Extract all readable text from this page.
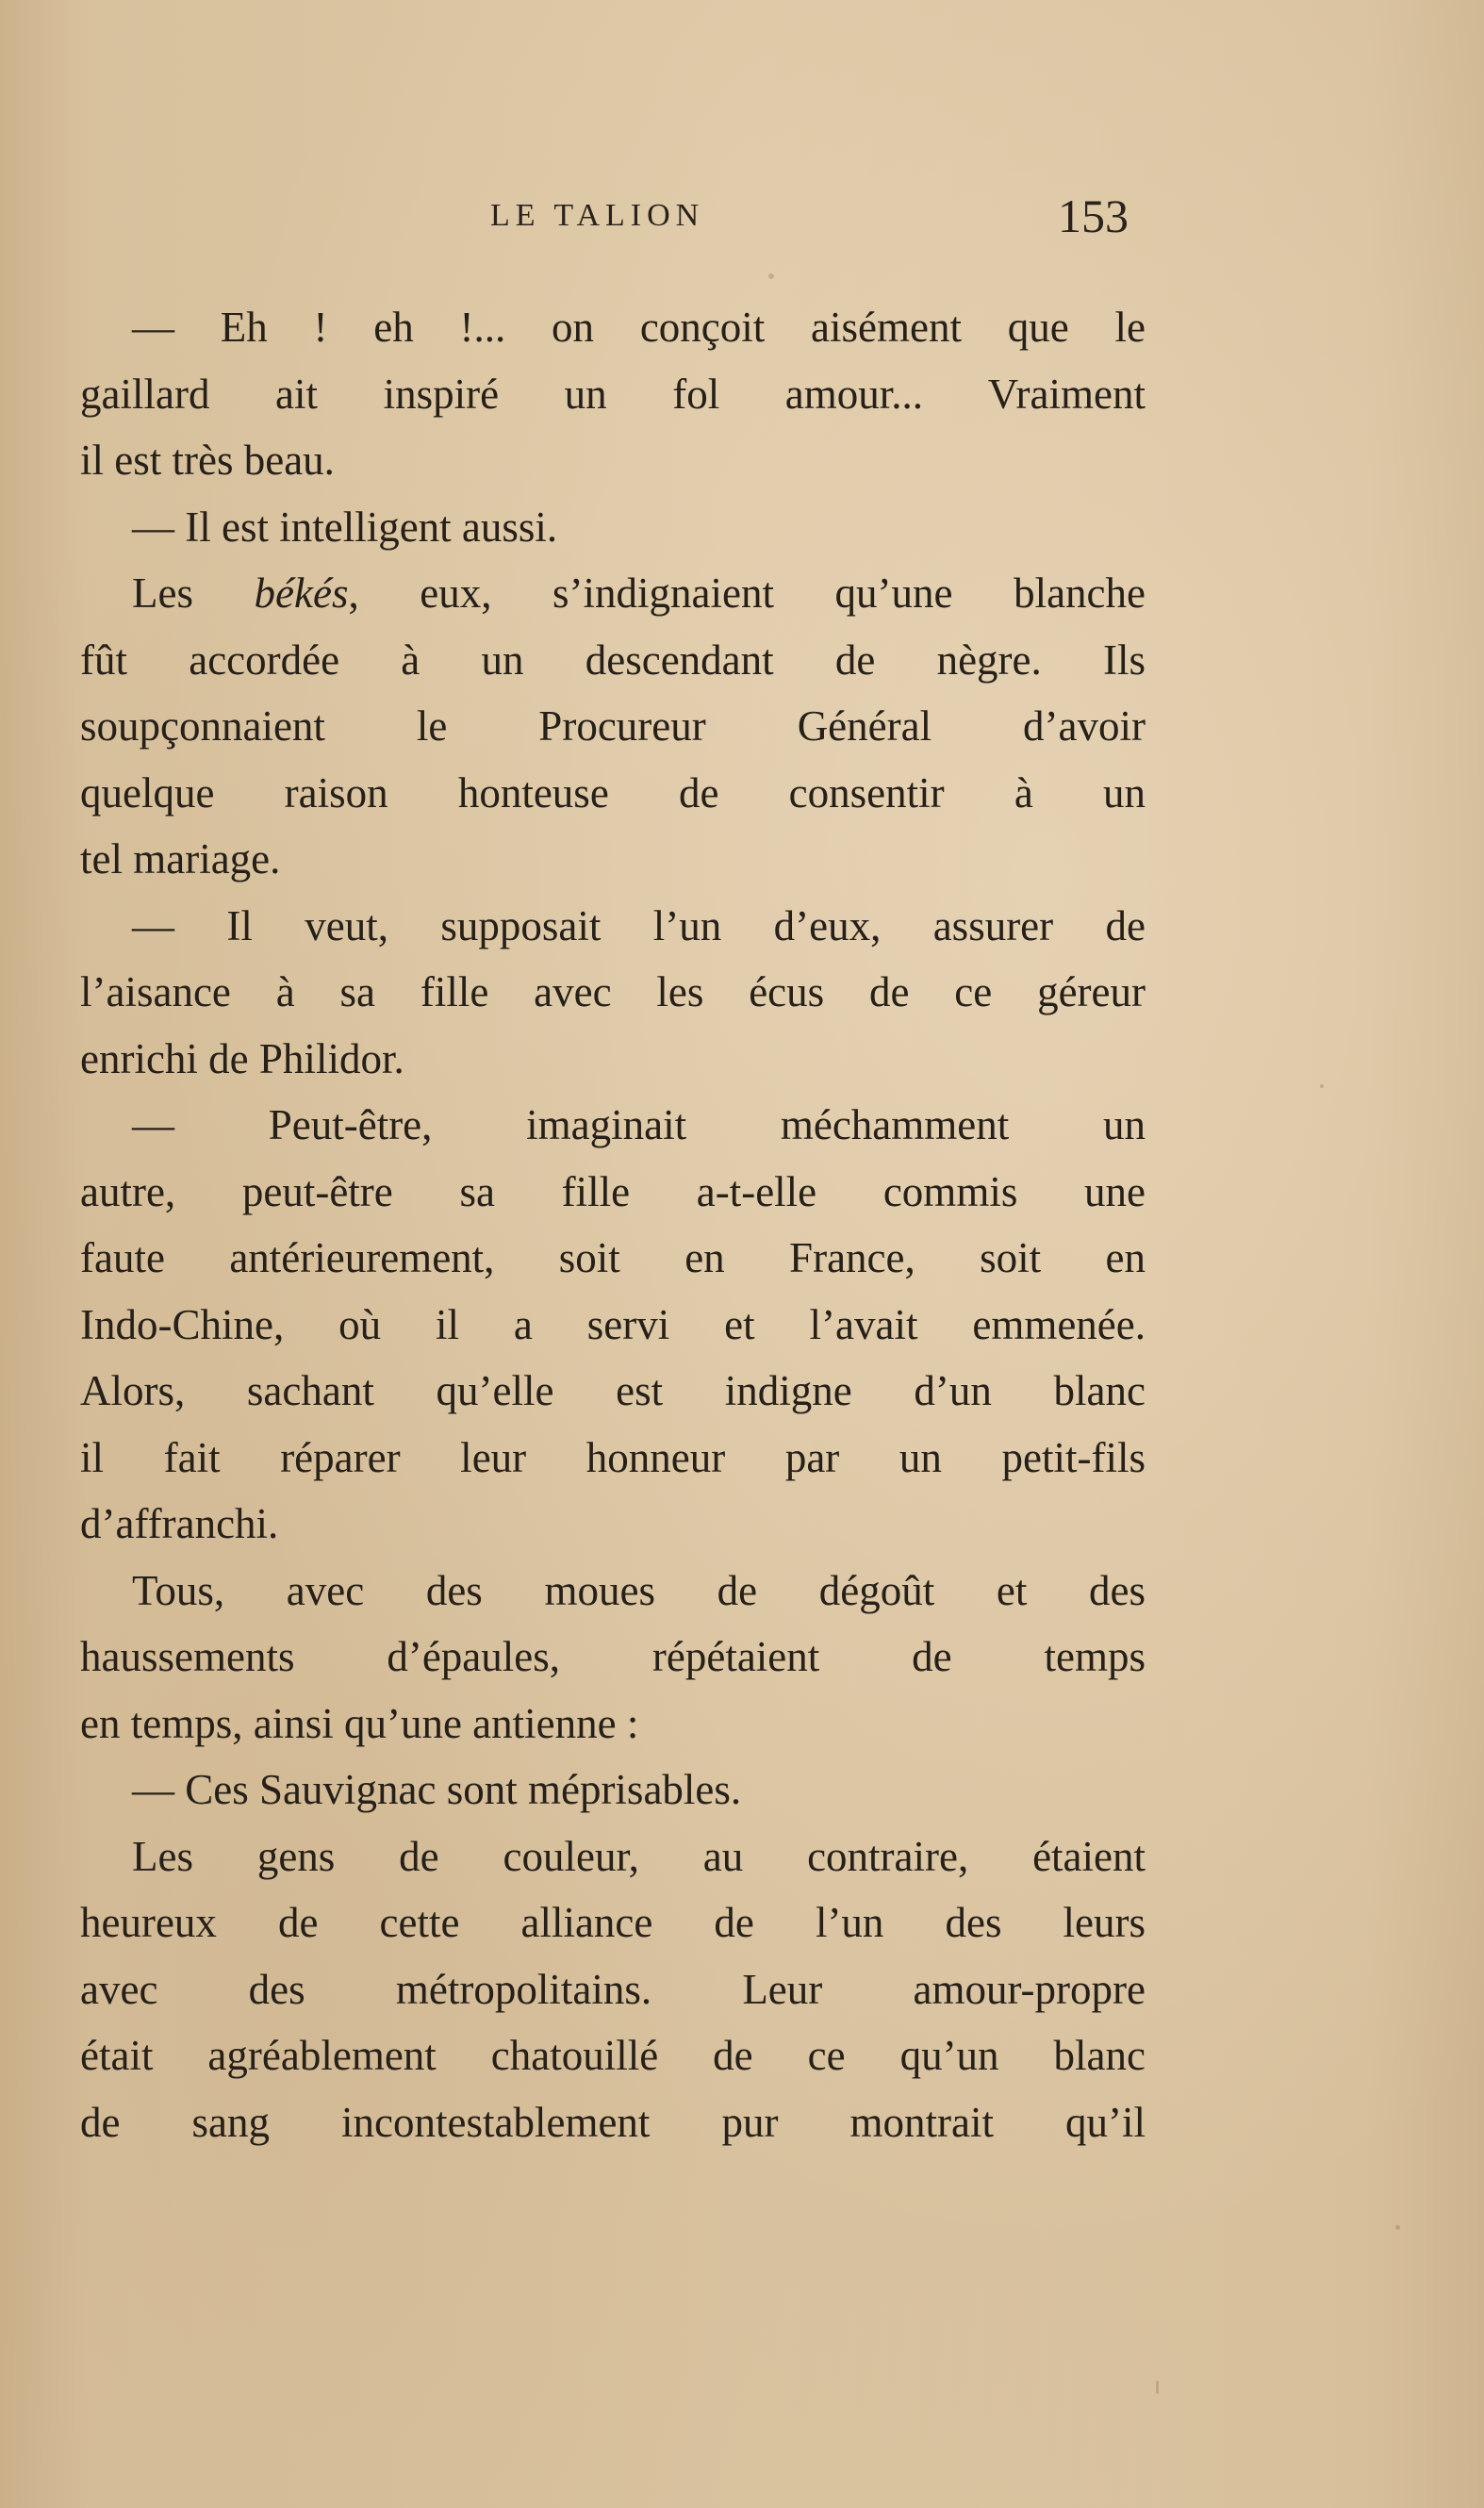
LE TALION	153
— Eh ! eh !... on conçoit aisément que le
gaillard ait inspiré un fol amour... Vraiment
il est très beau.
— Il est intelligent aussi.
Les békés, eux, s’indignaient qu’une blanche
fût accordée à un descendant de nègre. Ils
soupçonnaient le Procureur Général d’avoir
quelque raison honteuse de consentir à un
tel mariage.
— Il veut, supposait l’un d’eux, assurer de
l’aisance à sa fille avec les écus de ce géreur
enrichi de Philidor.
— Peut-être, imaginait méchamment un
autre, peut-être sa fille a-t-elle commis une
faute antérieurement, soit en France, soit en
Indo-Chine, où il a servi et l’avait emmenée.
Alors, sachant qu’elle est indigne d’un blanc
il fait réparer leur honneur par un petit-fils
d’affranchi.
Tous, avec des moues de dégoût et des
haussements d’épaules, répétaient de temps
en temps, ainsi qu’une antienne :
— Ces Sauvignac sont méprisables.
Les gens de couleur, au contraire, étaient
heureux de cette alliance de l’un des leurs
avec des métropolitains. Leur amour-propre
était agréablement chatouillé de ce qu’un blanc
de sang incontestablement pur montrait qu’il
